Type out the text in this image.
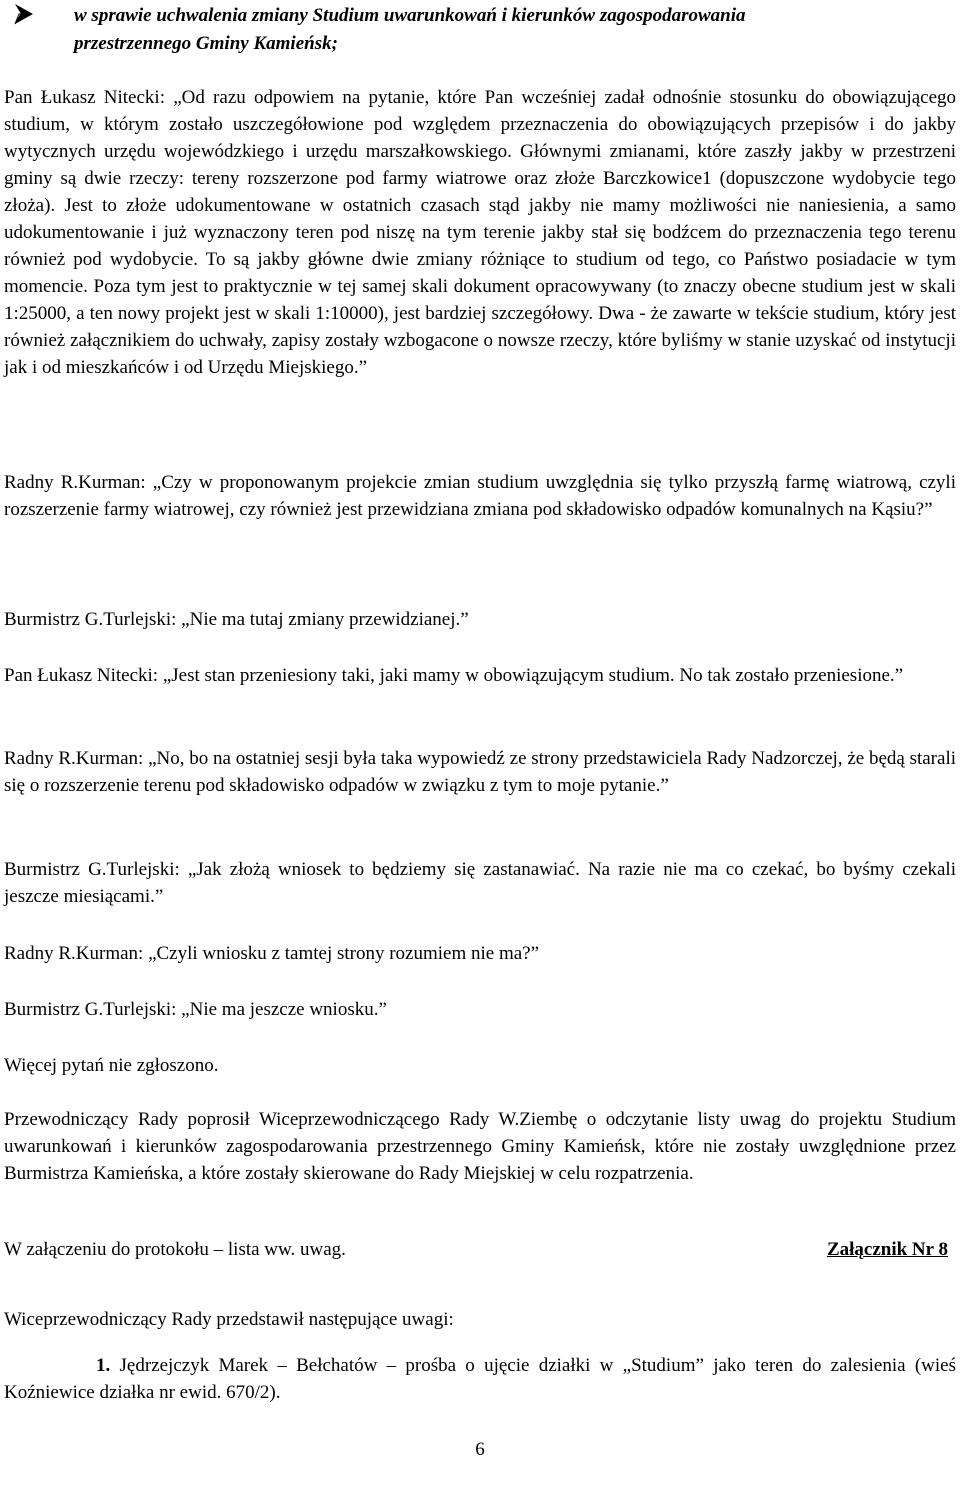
w sprawie uchwalenia zmiany Studium uwarunkowań i kierunków zagospodarowania
przestrzennego Gminy Kamieńsk;

Pan Łukasz Nitecki: „Od razu odpowiem na pytanie, które Pan wcześniej zadał odnośnie stosunku do obowiązującego studium, w którym zostało uszczegółowione pod względem przeznaczenia do obowiązujących przepisów i do jakby wytycznych urzędu wojewódzkiego i urzędu marszałkowskiego. Głównymi zmianami, które zaszły jakby w przestrzeni gminy są dwie rzeczy: tereny rozszerzone pod farmy wiatrowe oraz złoże Barczkowice1 (dopuszczone wydobycie tego złoża). Jest to złoże udokumentowane w ostatnich czasach stąd jakby nie mamy możliwości nie naniesienia, a samo udokumentowanie i już wyznaczony teren pod niszę na tym terenie jakby stał się bodźcem do przeznaczenia tego terenu również pod wydobycie. To są jakby główne dwie zmiany różniące to studium od tego, co Państwo posiadacie w tym momencie. Poza tym jest to praktycznie w tej samej skali dokument opracowywany (to znaczy obecne studium jest w skali 1:25000, a ten nowy projekt jest w skali 1:10000), jest bardziej szczegółowy. Dwa - że zawarte w tekście studium, który jest również załącznikiem do uchwały, zapisy zostały wzbogacone o nowsze rzeczy, które byliśmy w stanie uzyskać od instytucji jak i od mieszkańców i od Urzędu Miejskiego.”

Radny R.Kurman: „Czy w proponowanym projekcie zmian studium uwzględnia się tylko przyszłą farmę wiatrową, czyli rozszerzenie farmy wiatrowej, czy również jest przewidziana zmiana pod składowisko odpadów komunalnych na Kąsiu?”

Burmistrz G.Turlejski: „Nie ma tutaj zmiany przewidzianej.”

Pan Łukasz Nitecki: „Jest stan przeniesiony taki, jaki mamy w obowiązującym studium. No tak zostało przeniesione.”

Radny R.Kurman: „No, bo na ostatniej sesji była taka wypowiedź ze strony przedstawiciela Rady Nadzorczej, że będą starali się o rozszerzenie terenu pod składowisko odpadów w związku z tym to moje pytanie.”

Burmistrz G.Turlejski: „Jak złożą wniosek to będziemy się zastanawiać. Na razie nie ma co czekać, bo byśmy czekali jeszcze miesiącami.”

Radny R.Kurman: „Czyli wniosku z tamtej strony rozumiem nie ma?”

Burmistrz G.Turlejski: „Nie ma jeszcze wniosku.”

Więcej pytań nie zgłoszono.

Przewodniczący Rady poprosił Wiceprzewodniczącego Rady W.Ziembę o odczytanie listy uwag do projektu Studium uwarunkowań i kierunków zagospodarowania przestrzennego Gminy Kamieńsk, które nie zostały uwzględnione przez Burmistrza Kamieńska, a które zostały skierowane do Rady Miejskiej w celu rozpatrzenia.

W załączeniu do protokołu – lista ww. uwag.	Załącznik Nr 8

Wiceprzewodniczący Rady przedstawił następujące uwagi:

1. Jędrzejczyk Marek – Bełchatów – prośba o ujęcie działki w „Studium” jako teren do zalesienia (wieś Koźniewice działka nr ewid. 670/2).
6
